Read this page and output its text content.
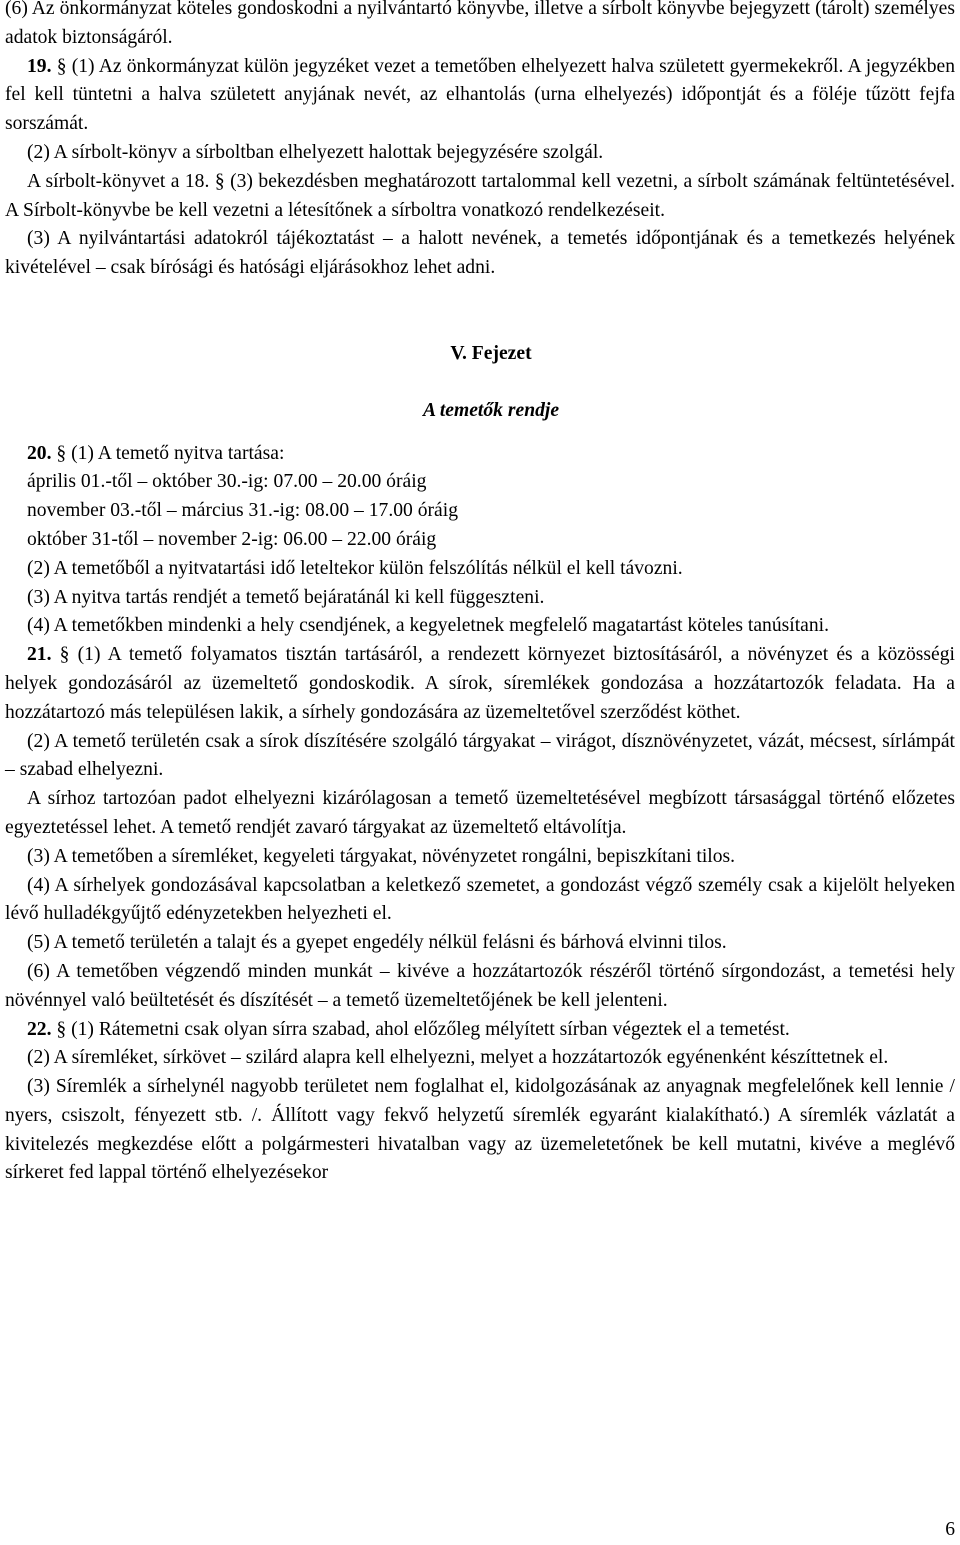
(6) Az önkormányzat köteles gondoskodni a nyilvántartó könyvbe, illetve a sírbolt könyvbe bejegyzett (tárolt) személyes adatok biztonságáról.

19. § (1) Az önkormányzat külön jegyzéket vezet a temetőben elhelyezett halva született gyermekekről. A jegyzékben fel kell tüntetni a halva született anyjának nevét, az elhantolás (urna elhelyezés) időpontját és a föléje tűzött fejfa sorszámát.

(2) A sírbolt-könyv a sírboltban elhelyezett halottak bejegyzésére szolgál.

A sírbolt-könyvet a 18. § (3) bekezdésben meghatározott tartalommal kell vezetni, a sírbolt számának feltüntetésével. A Sírbolt-könyvbe be kell vezetni a létesítőnek a sírboltra vonatkozó rendelkezéseit.

(3) A nyilvántartási adatokról tájékoztatást – a halott nevének, a temetés időpontjának és a temetkezés helyének kivételével – csak bírósági és hatósági eljárásokhoz lehet adni.

V. Fejezet

A temetők rendje

20. § (1) A temető nyitva tartása:

április 01.-től – október 30.-ig: 07.00 – 20.00 óráig

november 03.-től – március 31.-ig: 08.00 – 17.00 óráig

október 31-től – november 2-ig: 06.00 – 22.00 óráig

(2) A temetőből a nyitvatartási idő leteltekor külön felszólítás nélkül el kell távozni.

(3) A nyitva tartás rendjét a temető bejáratánál ki kell függeszteni.

(4) A temetőkben mindenki a hely csendjének, a kegyeletnek megfelelő magatartást köteles tanúsítani.

21. § (1) A temető folyamatos tisztán tartásáról, a rendezett környezet biztosításáról, a növényzet és a közösségi helyek gondozásáról az üzemeltető gondoskodik. A sírok, síremlékek gondozása a hozzátartozók feladata. Ha a hozzátartozó más településen lakik, a sírhely gondozására az üzemeltetővel szerződést köthet.

(2) A temető területén csak a sírok díszítésére szolgáló tárgyakat – virágot, dísznövényzetet, vázát, mécsest, sírlámpát – szabad elhelyezni.

A sírhoz tartozóan padot elhelyezni kizárólagosan a temető üzemeltetésével megbízott társasággal történő előzetes egyeztetéssel lehet. A temető rendjét zavaró tárgyakat az üzemeltető eltávolítja.

(3) A temetőben a síremléket, kegyeleti tárgyakat, növényzetet rongálni, bepiszkítani tilos.

(4) A sírhelyek gondozásával kapcsolatban a keletkező szemetet, a gondozást végző személy csak a kijelölt helyeken lévő hulladékgyűjtő edényzetekben helyezheti el.

(5) A temető területén a talajt és a gyepet engedély nélkül felásni és bárhová elvinni tilos.

(6) A temetőben végzendő minden munkát – kivéve a hozzátartozók részéről történő sírgondozást, a temetési hely növénnyel való beültetését és díszítését – a temető üzemeltetőjének be kell jelenteni.

22. § (1) Rátemetni csak olyan sírra szabad, ahol előzőleg mélyített sírban végeztek el a temetést.

(2) A síremléket, sírkövet – szilárd alapra kell elhelyezni, melyet a hozzátartozók egyénenként készíttetnek el.

(3) Síremlék a sírhelynél nagyobb területet nem foglalhat el, kidolgozásának az anyagnak megfelelőnek kell lennie / nyers, csiszolt, fényezett stb. /. Állított vagy fekvő helyzetű síremlék egyaránt kialakítható.) A síremlék vázlatát a kivitelezés megkezdése előtt a polgármesteri hivatalban vagy az üzemeletetőnek be kell mutatni, kivéve a meglévő sírkeret fed lappal történő elhelyezésekor

6
